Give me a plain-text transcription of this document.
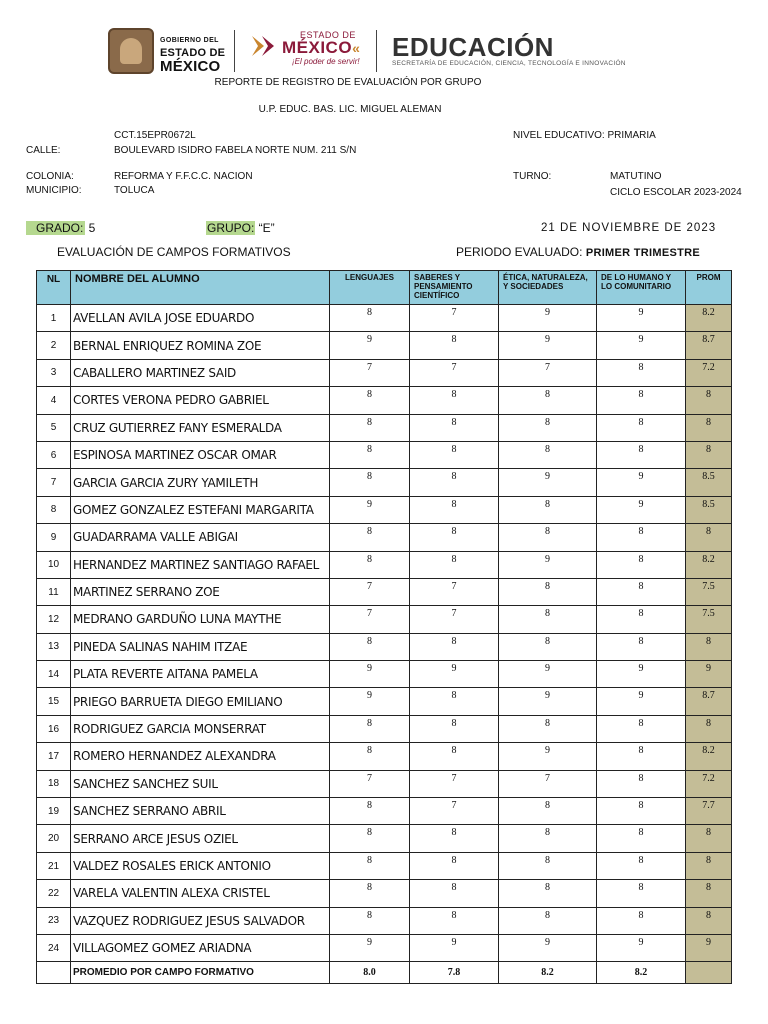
GOBIERNO DEL
ESTADO DE
MÉXICO
ESTADO DE
MÉXICO«
¡El poder de servir! EDUCACIÓN
SECRETARÍA DE EDUCACIÓN, CIENCIA, TECNOLOGÍA E INNOVACIÓN
REPORTE DE REGISTRO DE EVALUACIÓN POR GRUPO
U.P. EDUC. BAS. LIC. MIGUEL ALEMAN
CCT.15EPR0672L	NIVEL EDUCATIVO: PRIMARIA
CALLE:	BOULEVARD ISIDRO FABELA NORTE NUM. 211 S/N
COLONIA:	REFORMA Y F.F.C.C. NACION	TURNO:	MATUTINO
MUNICIPIO:	TOLUCA	CICLO ESCOLAR 2023-2024
GRADO: 5	GRUPO: “E”	21 DE NOVIEMBRE DE 2023
EVALUACIÓN DE CAMPOS FORMATIVOS	PERIODO EVALUADO: PRIMER TRIMESTRE
NL	NOMBRE DEL ALUMNO	LENGUAJES	SABERES Y PENSAMIENTO CIENTÍFICO	ÉTICA, NATURALEZA, Y SOCIEDADES	DE LO HUMANO Y LO COMUNITARIO	PROM
1	AVELLAN AVILA JOSE EDUARDO	8	7	9	9	8.2
2	BERNAL ENRIQUEZ ROMINA ZOE	9	8	9	9	8.7
3	CABALLERO MARTINEZ SAID	7	7	7	8	7.2
4	CORTES VERONA PEDRO GABRIEL	8	8	8	8	8
5	CRUZ GUTIERREZ FANY ESMERALDA	8	8	8	8	8
6	ESPINOSA MARTINEZ OSCAR OMAR	8	8	8	8	8
7	GARCIA GARCIA ZURY YAMILETH	8	8	9	9	8.5
8	GOMEZ GONZALEZ ESTEFANI MARGARITA	9	8	8	9	8.5
9	GUADARRAMA VALLE ABIGAI	8	8	8	8	8
10	HERNANDEZ MARTINEZ SANTIAGO RAFAEL	8	8	9	8	8.2
11	MARTINEZ SERRANO ZOE	7	7	8	8	7.5
12	MEDRANO GARDUÑO LUNA MAYTHE	7	7	8	8	7.5
13	PINEDA SALINAS NAHIM ITZAE	8	8	8	8	8
14	PLATA REVERTE AITANA PAMELA	9	9	9	9	9
15	PRIEGO BARRUETA DIEGO EMILIANO	9	8	9	9	8.7
16	RODRIGUEZ GARCIA MONSERRAT	8	8	8	8	8
17	ROMERO HERNANDEZ ALEXANDRA	8	8	9	8	8.2
18	SANCHEZ SANCHEZ SUIL	7	7	7	8	7.2
19	SANCHEZ SERRANO ABRIL	8	7	8	8	7.7
20	SERRANO ARCE JESUS OZIEL	8	8	8	8	8
21	VALDEZ ROSALES ERICK ANTONIO	8	8	8	8	8
22	VARELA VALENTIN ALEXA CRISTEL	8	8	8	8	8
23	VAZQUEZ RODRIGUEZ JESUS SALVADOR	8	8	8	8	8
24	VILLAGOMEZ GOMEZ ARIADNA	9	9	9	9	9
	PROMEDIO POR CAMPO FORMATIVO	8.0	7.8	8.2	8.2	
